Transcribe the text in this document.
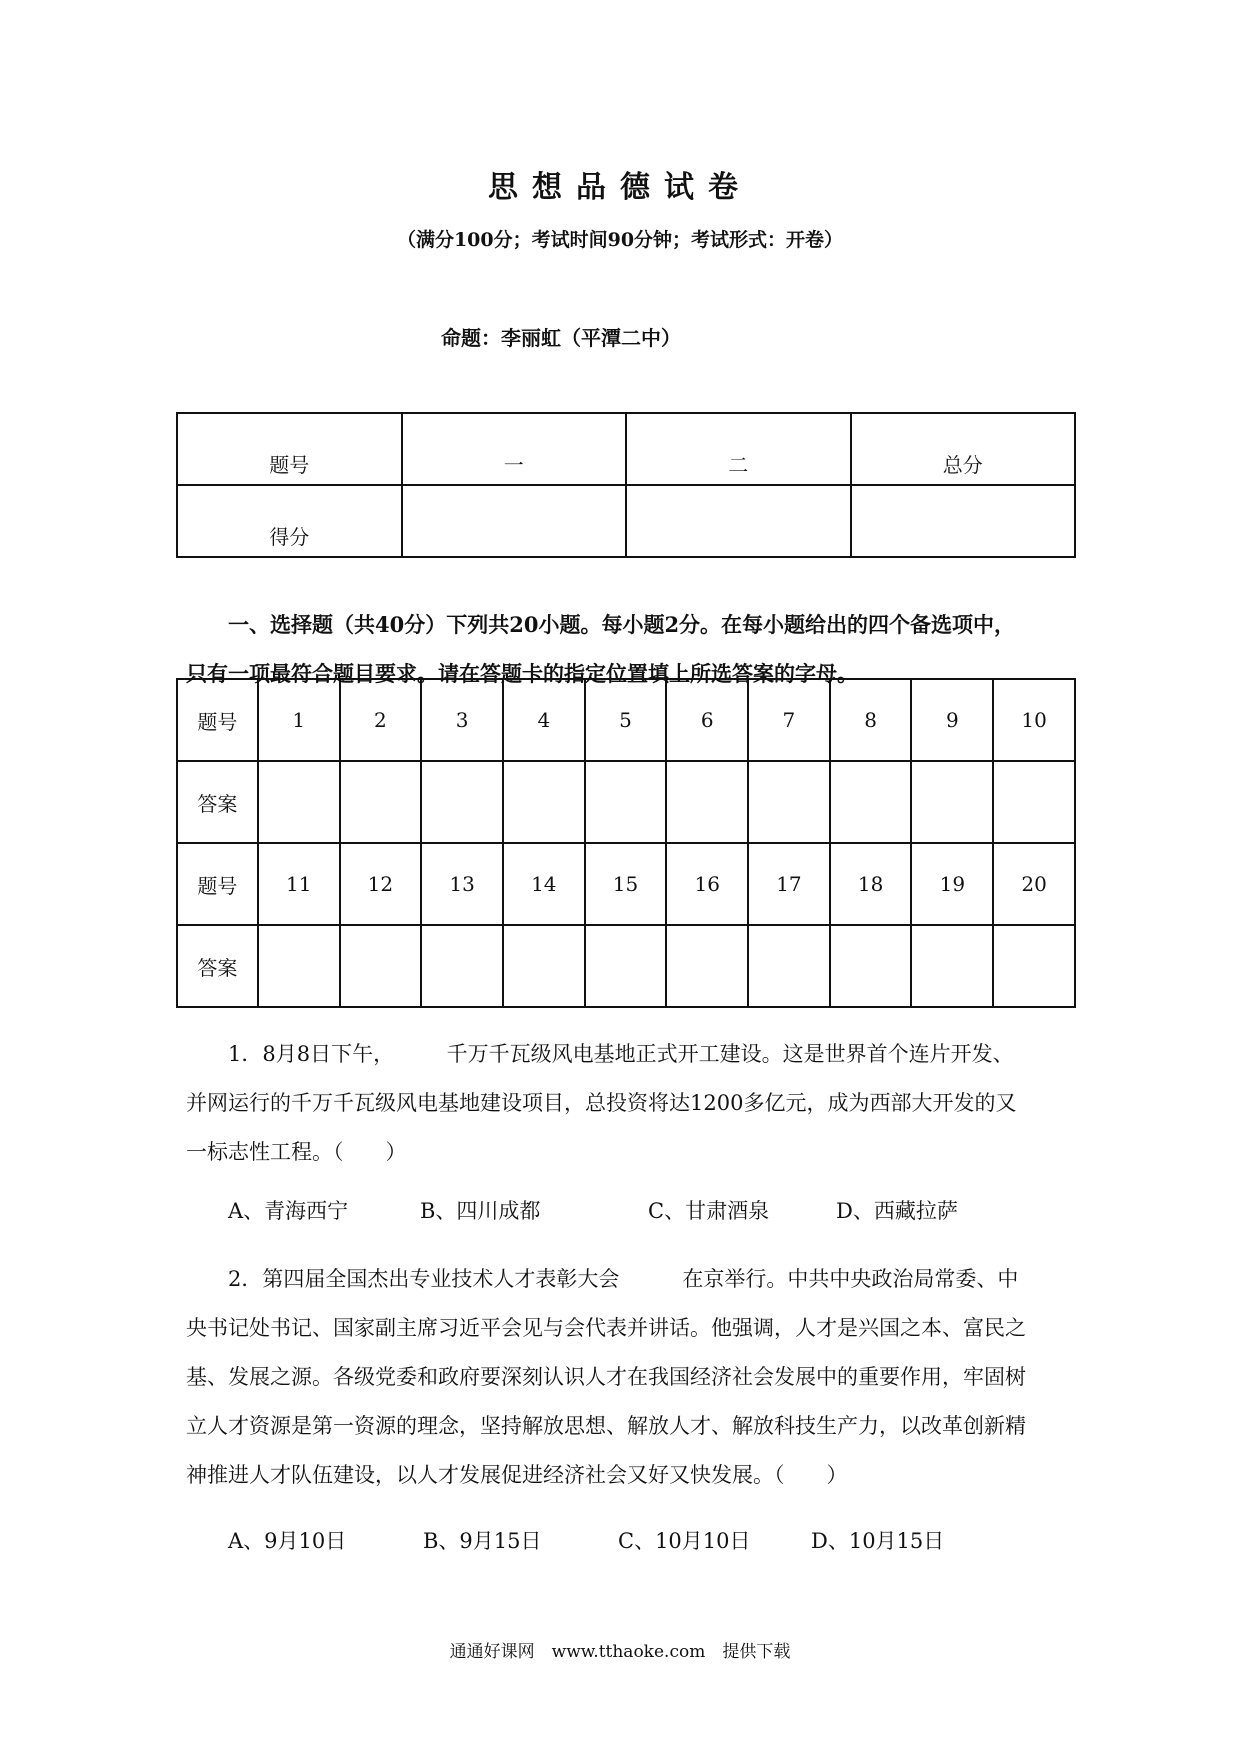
思想品德试卷
（满分100分；考试时间90分钟；考试形式：开卷）
命题：李丽虹（平潭二中）
题号	一	二	总分
得分			
一、选择题（共40分）下列共20小题。每小题2分。在每小题给出的四个备选项中，
只有一项最符合题目要求。请在答题卡的指定位置填上所选答案的字母。
题号	1	2	3	4	5	6	7	8	9	10
答案										
题号	11	12	13	14	15	16	17	18	19	20
答案										
1．8月8日下午，　　　千万千瓦级风电基地正式开工建设。这是世界首个连片开发、
并网运行的千万千瓦级风电基地建设项目，总投资将达1200多亿元，成为西部大开发的又
一标志性工程。（　　）
A、青海西宁	B、四川成都	C、甘肃酒泉	D、西藏拉萨
2．第四届全国杰出专业技术人才表彰大会　　　在京举行。中共中央政治局常委、中
央书记处书记、国家副主席习近平会见与会代表并讲话。他强调，人才是兴国之本、富民之
基、发展之源。各级党委和政府要深刻认识人才在我国经济社会发展中的重要作用，牢固树
立人才资源是第一资源的理念，坚持解放思想、解放人才、解放科技生产力，以改革创新精
神推进人才队伍建设，以人才发展促进经济社会又好又快发展。（　　）
A、9月10日	B、9月15日	C、10月10日	D、10月15日
通通好课网　www.tthaoke.com　提供下载
